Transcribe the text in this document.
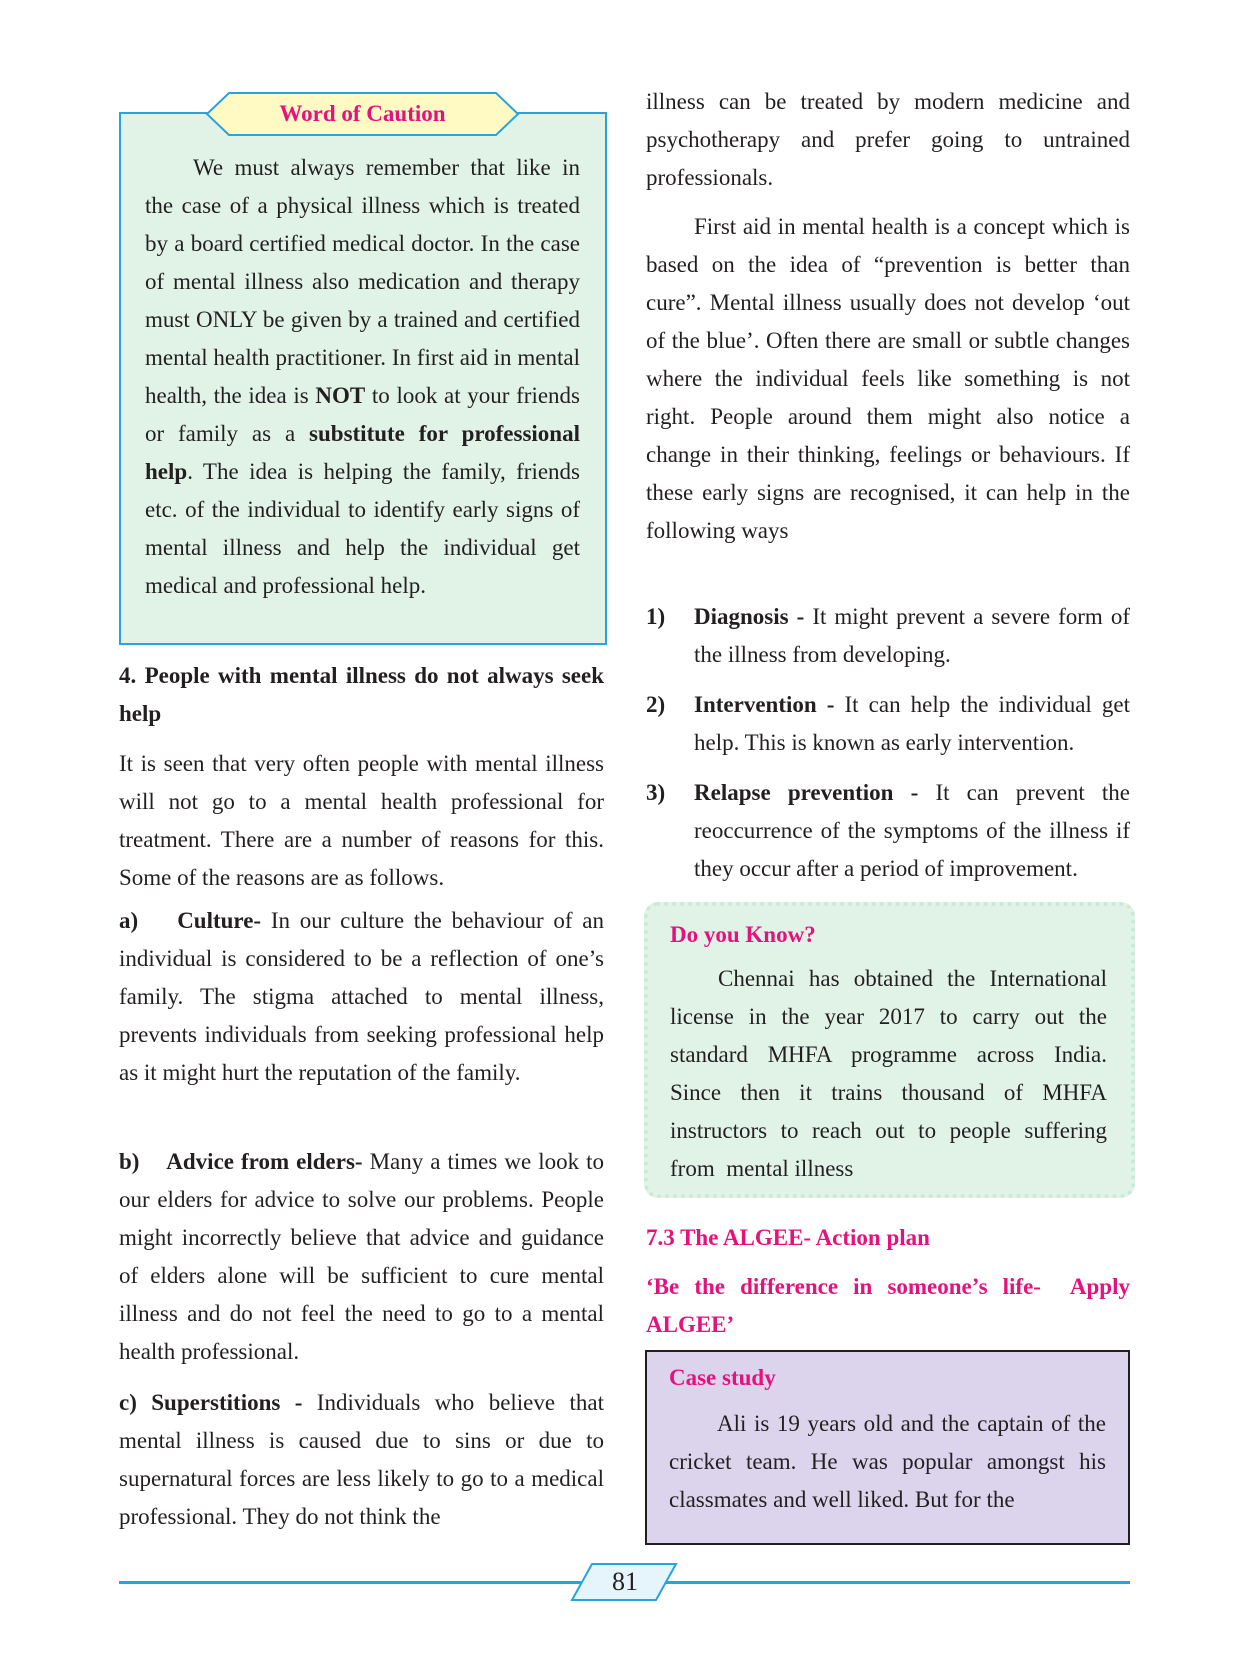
We must always remember that like in the case of a physical illness which is treated by a board certified medical doctor. In the case of mental illness also medication and therapy must ONLY be given by a trained and certified mental health practitioner. In first aid in mental health, the idea is NOT to look at your friends or family as a substitute for professional help. The idea is helping the family, friends etc. of the individual to identify early signs of mental illness and help the individual get medical and professional help.

Word of Caution

4. People with mental illness do not always seek help

It is seen that very often people with mental illness will not go to a mental health professional for treatment. There are a number of reasons for this. Some of the reasons are as follows.

a)    Culture- In our culture the behaviour of an individual is considered to be a reflection of one’s family. The stigma attached to mental illness, prevents individuals from seeking professional help as it might hurt the reputation of the family.

b)    Advice from elders- Many a times we look to our elders for advice to solve our problems. People might incorrectly believe that advice and guidance of elders alone will be sufficient to cure mental illness and do not feel the need to go to a mental health professional.

c) Superstitions - Individuals who believe that mental illness is caused due to sins or due to supernatural forces are less likely to go to a medical professional. They do not think the

illness can be treated by modern medicine and psychotherapy and prefer going to untrained professionals.

First aid in mental health is a concept which is based on the idea of “prevention is better than cure”. Mental illness usually does not develop ‘out of the blue’. Often there are small or subtle changes where the individual feels like something is not right. People around them might also notice a change in their thinking, feelings or behaviours. If these early signs are recognised, it can help in the following ways

1) Diagnosis - It might prevent a severe form of the illness from developing.
2) Intervention - It can help the individual get help. This is known as early intervention.
3) Relapse prevention - It can prevent the reoccurrence of the symptoms of the illness if they occur after a period of improvement.

Do you Know?

Chennai has obtained the International license in the year 2017 to carry out the standard MHFA programme across India. Since then it trains thousand of MHFA instructors to reach out to people suffering from  mental illness

7.3 The ALGEE- Action plan

‘Be the difference in someone’s life-  Apply ALGEE’

Case study

Ali is 19 years old and the captain of the cricket team. He was popular amongst his classmates and well liked. But for the

81
